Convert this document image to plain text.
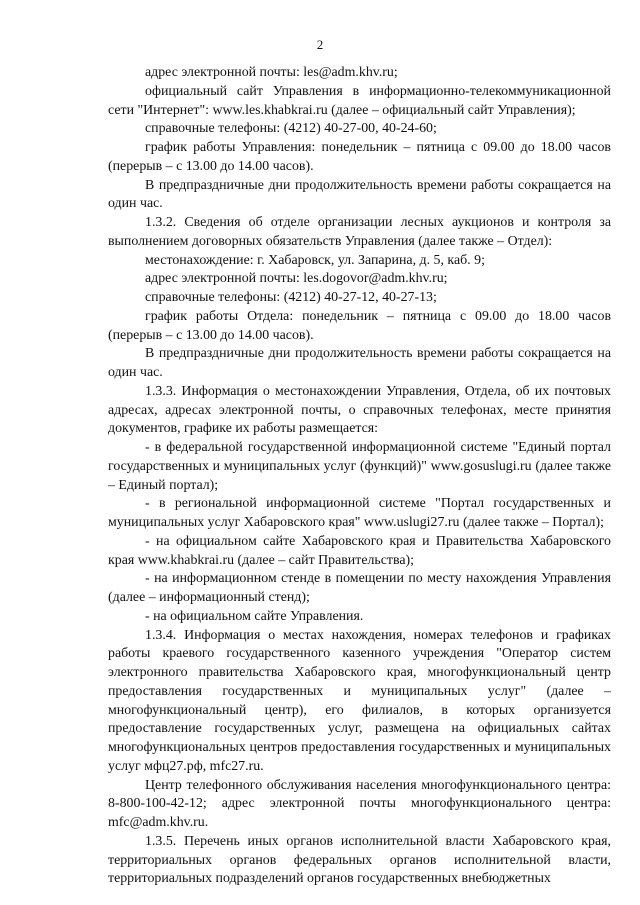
2

адрес электронной почты: les@adm.khv.ru;

официальный сайт Управления в информационно-телекоммуникационной сети "Интернет": www.les.khabkrai.ru (далее – официальный сайт Управления);

справочные телефоны: (4212) 40-27-00, 40-24-60;

график работы Управления: понедельник – пятница с 09.00 до 18.00 часов (перерыв – с 13.00 до 14.00 часов).

В предпраздничные дни продолжительность времени работы сокращается на один час.

1.3.2. Сведения об отделе организации лесных аукционов и контроля за выполнением договорных обязательств Управления (далее также – Отдел):

местонахождение: г. Хабаровск, ул. Запарина, д. 5, каб. 9;

адрес электронной почты: les.dogovor@adm.khv.ru;

справочные телефоны: (4212) 40-27-12, 40-27-13;

график работы Отдела: понедельник – пятница с 09.00 до 18.00 часов (перерыв – с 13.00 до 14.00 часов).

В предпраздничные дни продолжительность времени работы сокращается на один час.

1.3.3. Информация о местонахождении Управления, Отдела, об их почтовых адресах, адресах электронной почты, о справочных телефонах, месте принятия документов, графике их работы размещается:

- в федеральной государственной информационной системе "Единый портал государственных и муниципальных услуг (функций)" www.gosuslugi.ru (далее также – Единый портал);

- в региональной информационной системе "Портал государственных и муниципальных услуг Хабаровского края" www.uslugi27.ru (далее также – Портал);

- на официальном сайте Хабаровского края и Правительства Хабаровского края www.khabkrai.ru (далее – сайт Правительства);

- на информационном стенде в помещении по месту нахождения Управления (далее – информационный стенд);

- на официальном сайте Управления.

1.3.4. Информация о местах нахождения, номерах телефонов и графиках работы краевого государственного казенного учреждения "Оператор систем электронного правительства Хабаровского края, многофункциональный центр предоставления государственных и муниципальных услуг" (далее – многофункциональный центр), его филиалов, в которых организуется предоставление государственных услуг, размещена на официальных сайтах многофункциональных центров предоставления государственных и муниципальных услуг мфц27.рф, mfc27.ru.

Центр телефонного обслуживания населения многофункционального центра: 8-800-100-42-12; адрес электронной почты многофункционального центра: mfc@adm.khv.ru.

1.3.5. Перечень иных органов исполнительной власти Хабаровского края, территориальных органов федеральных органов исполнительной власти, территориальных подразделений органов государственных внебюджетных
